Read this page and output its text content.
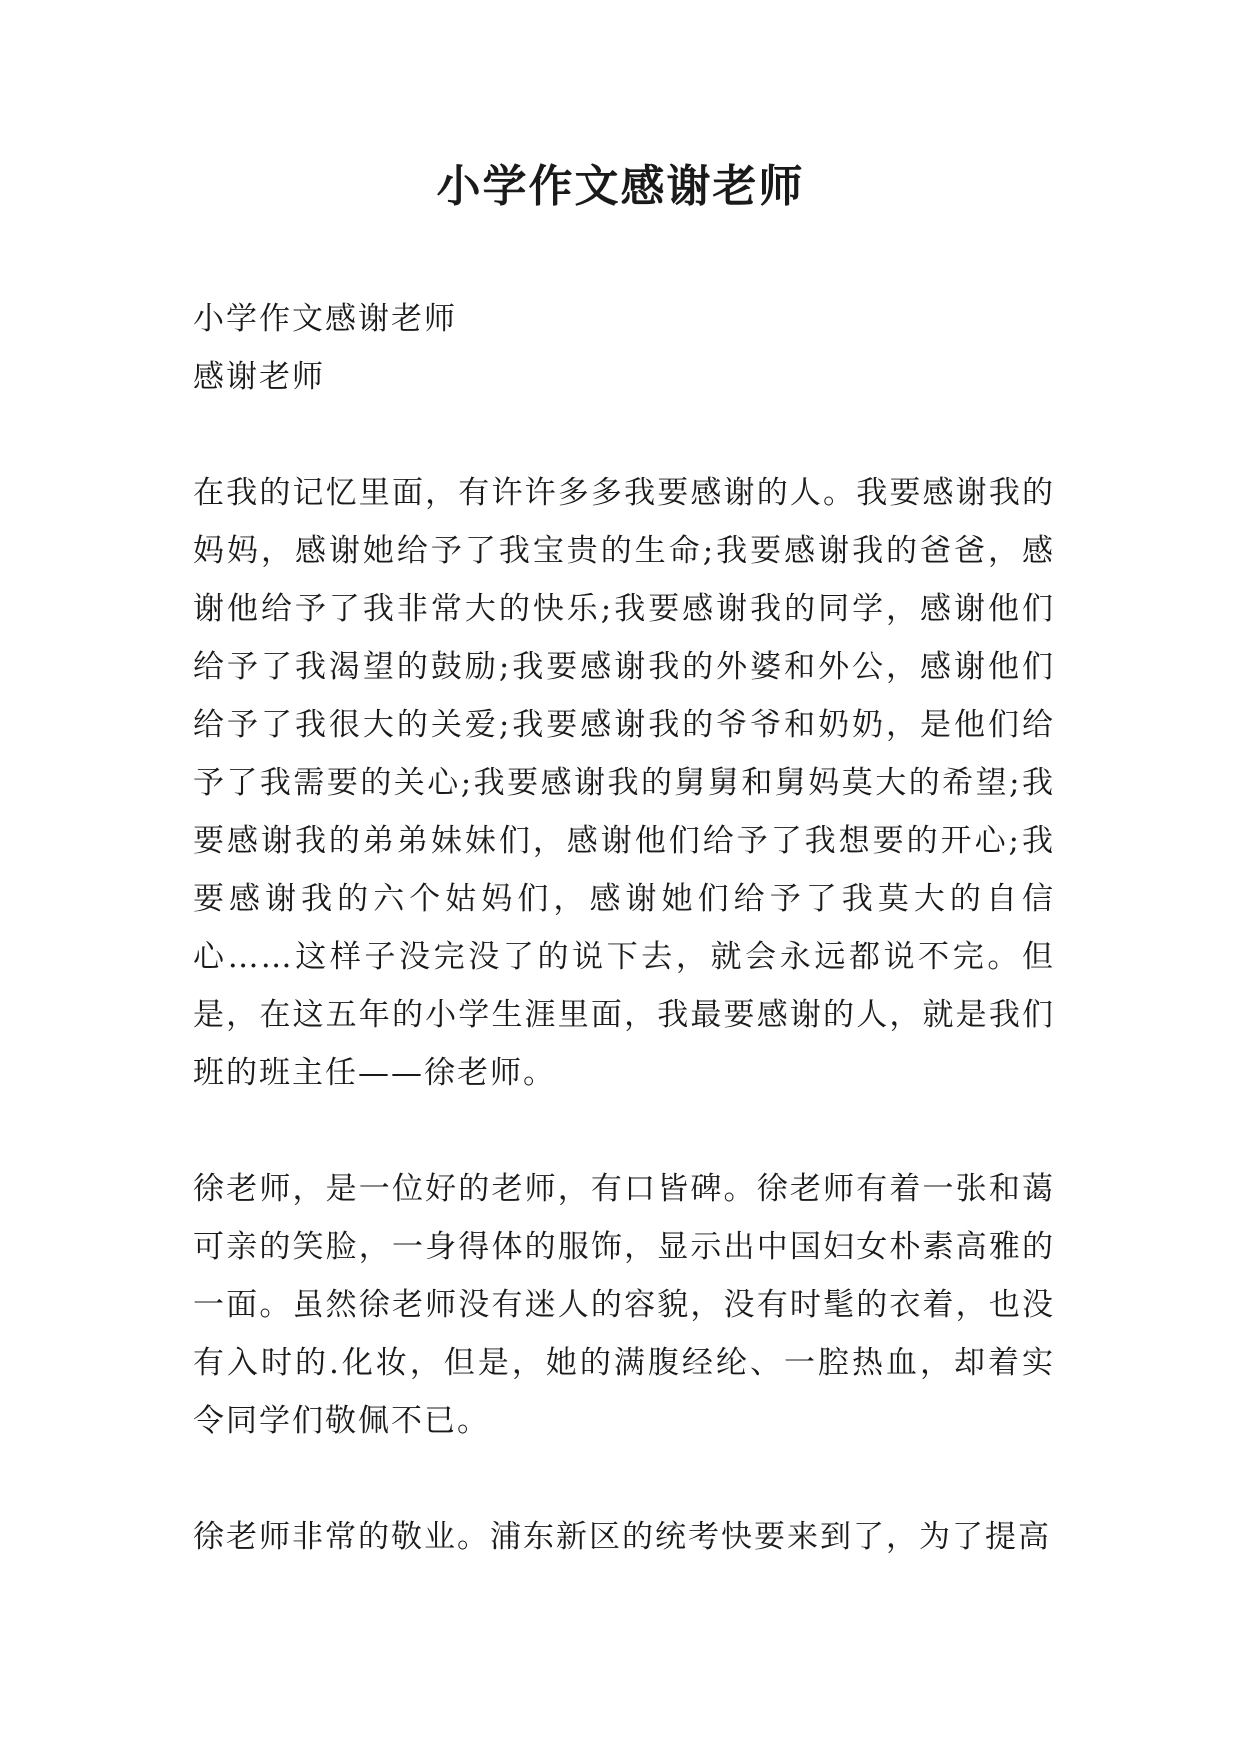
小学作文感谢老师

小学作文感谢老师

感谢老师

在我的记忆里面，有许许多多我要感谢的人。我要感谢我的妈妈，感谢她给予了我宝贵的生命;我要感谢我的爸爸，感谢他给予了我非常大的快乐;我要感谢我的同学，感谢他们给予了我渴望的鼓励;我要感谢我的外婆和外公，感谢他们给予了我很大的关爱;我要感谢我的爷爷和奶奶，是他们给予了我需要的关心;我要感谢我的舅舅和舅妈莫大的希望;我要感谢我的弟弟妹妹们，感谢他们给予了我想要的开心;我要感谢我的六个姑妈们，感谢她们给予了我莫大的自信心……这样子没完没了的说下去，就会永远都说不完。但是，在这五年的小学生涯里面，我最要感谢的人，就是我们班的班主任——徐老师。

徐老师，是一位好的老师，有口皆碑。徐老师有着一张和蔼可亲的笑脸，一身得体的服饰，显示出中国妇女朴素高雅的一面。虽然徐老师没有迷人的容貌，没有时髦的衣着，也没有入时的.化妆，但是，她的满腹经纶、一腔热血，却着实令同学们敬佩不已。

徐老师非常的敬业。浦东新区的统考快要来到了，为了提高
